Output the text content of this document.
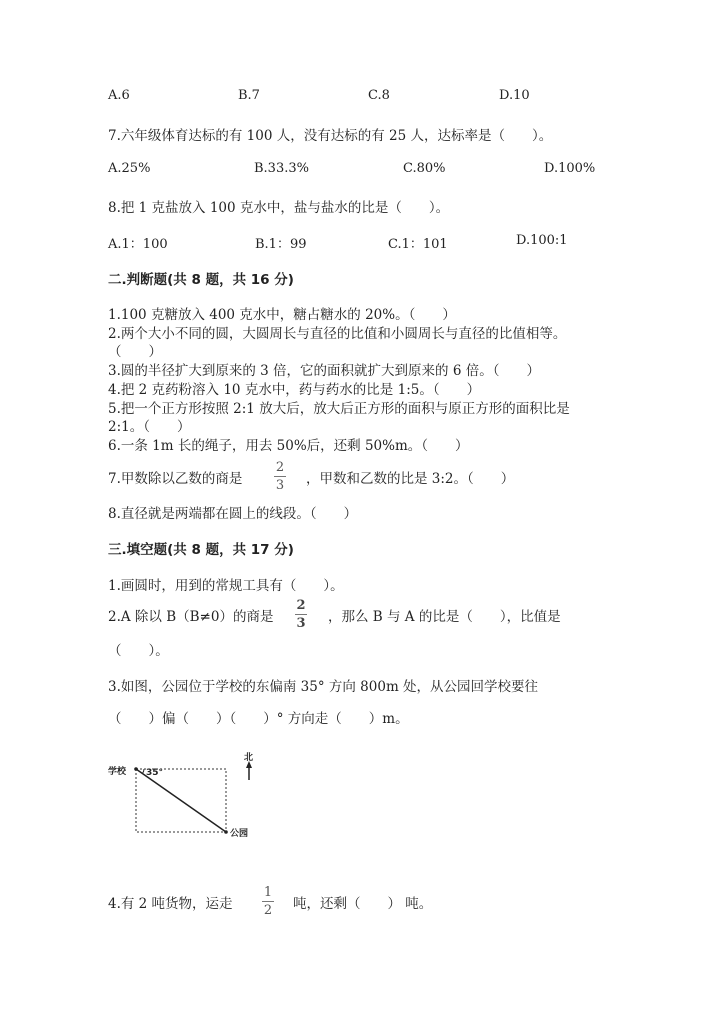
A.6	B.7	C.8	D.10
7.六年级体育达标的有 100 人，没有达标的有 25 人，达标率是（　　）。
A.25%	B.33.3%	C.80%	D.100%
8.把 1 克盐放入 100 克水中，盐与盐水的比是（　　）。
A.1：100	B.1：99	C.1：101	D.100:1
二.判断题(共 8 题，共 16 分)
1.100 克糖放入 400 克水中，糖占糖水的 20%。（　　）
2.两个大小不同的圆，大圆周长与直径的比值和小圆周长与直径的比值相等。
（　　）
3.圆的半径扩大到原来的 3 倍，它的面积就扩大到原来的 6 倍。（　　）
4.把 2 克药粉溶入 10 克水中，药与药水的比是 1:5。（　　）
5.把一个正方形按照 2:1 放大后，放大后正方形的面积与原正方形的面积比是
2:1。（　　）
6.一条 1m 长的绳子，用去 50%后，还剩 50%m。（　　）
7.甲数除以乙数的商是
2
3 ，甲数和乙数的比是 3:2。（　　）
8.直径就是两端都在圆上的线段。（　　）
三.填空题(共 8 题，共 17 分)
1.画圆时，用到的常规工具有（　　）。
2.A 除以 B（B≠0）的商是
2
3 ，那么 B 与 A 的比是（　　），比值是
（　　）。
3.如图，公园位于学校的东偏南 35° 方向 800m 处，从公园回学校要往
（　　）偏（　　）（　　）° 方向走（　　）m。
学校 35°
公园
北
4.有 2 吨货物，运走
1
2 吨，还剩（　　） 吨。
